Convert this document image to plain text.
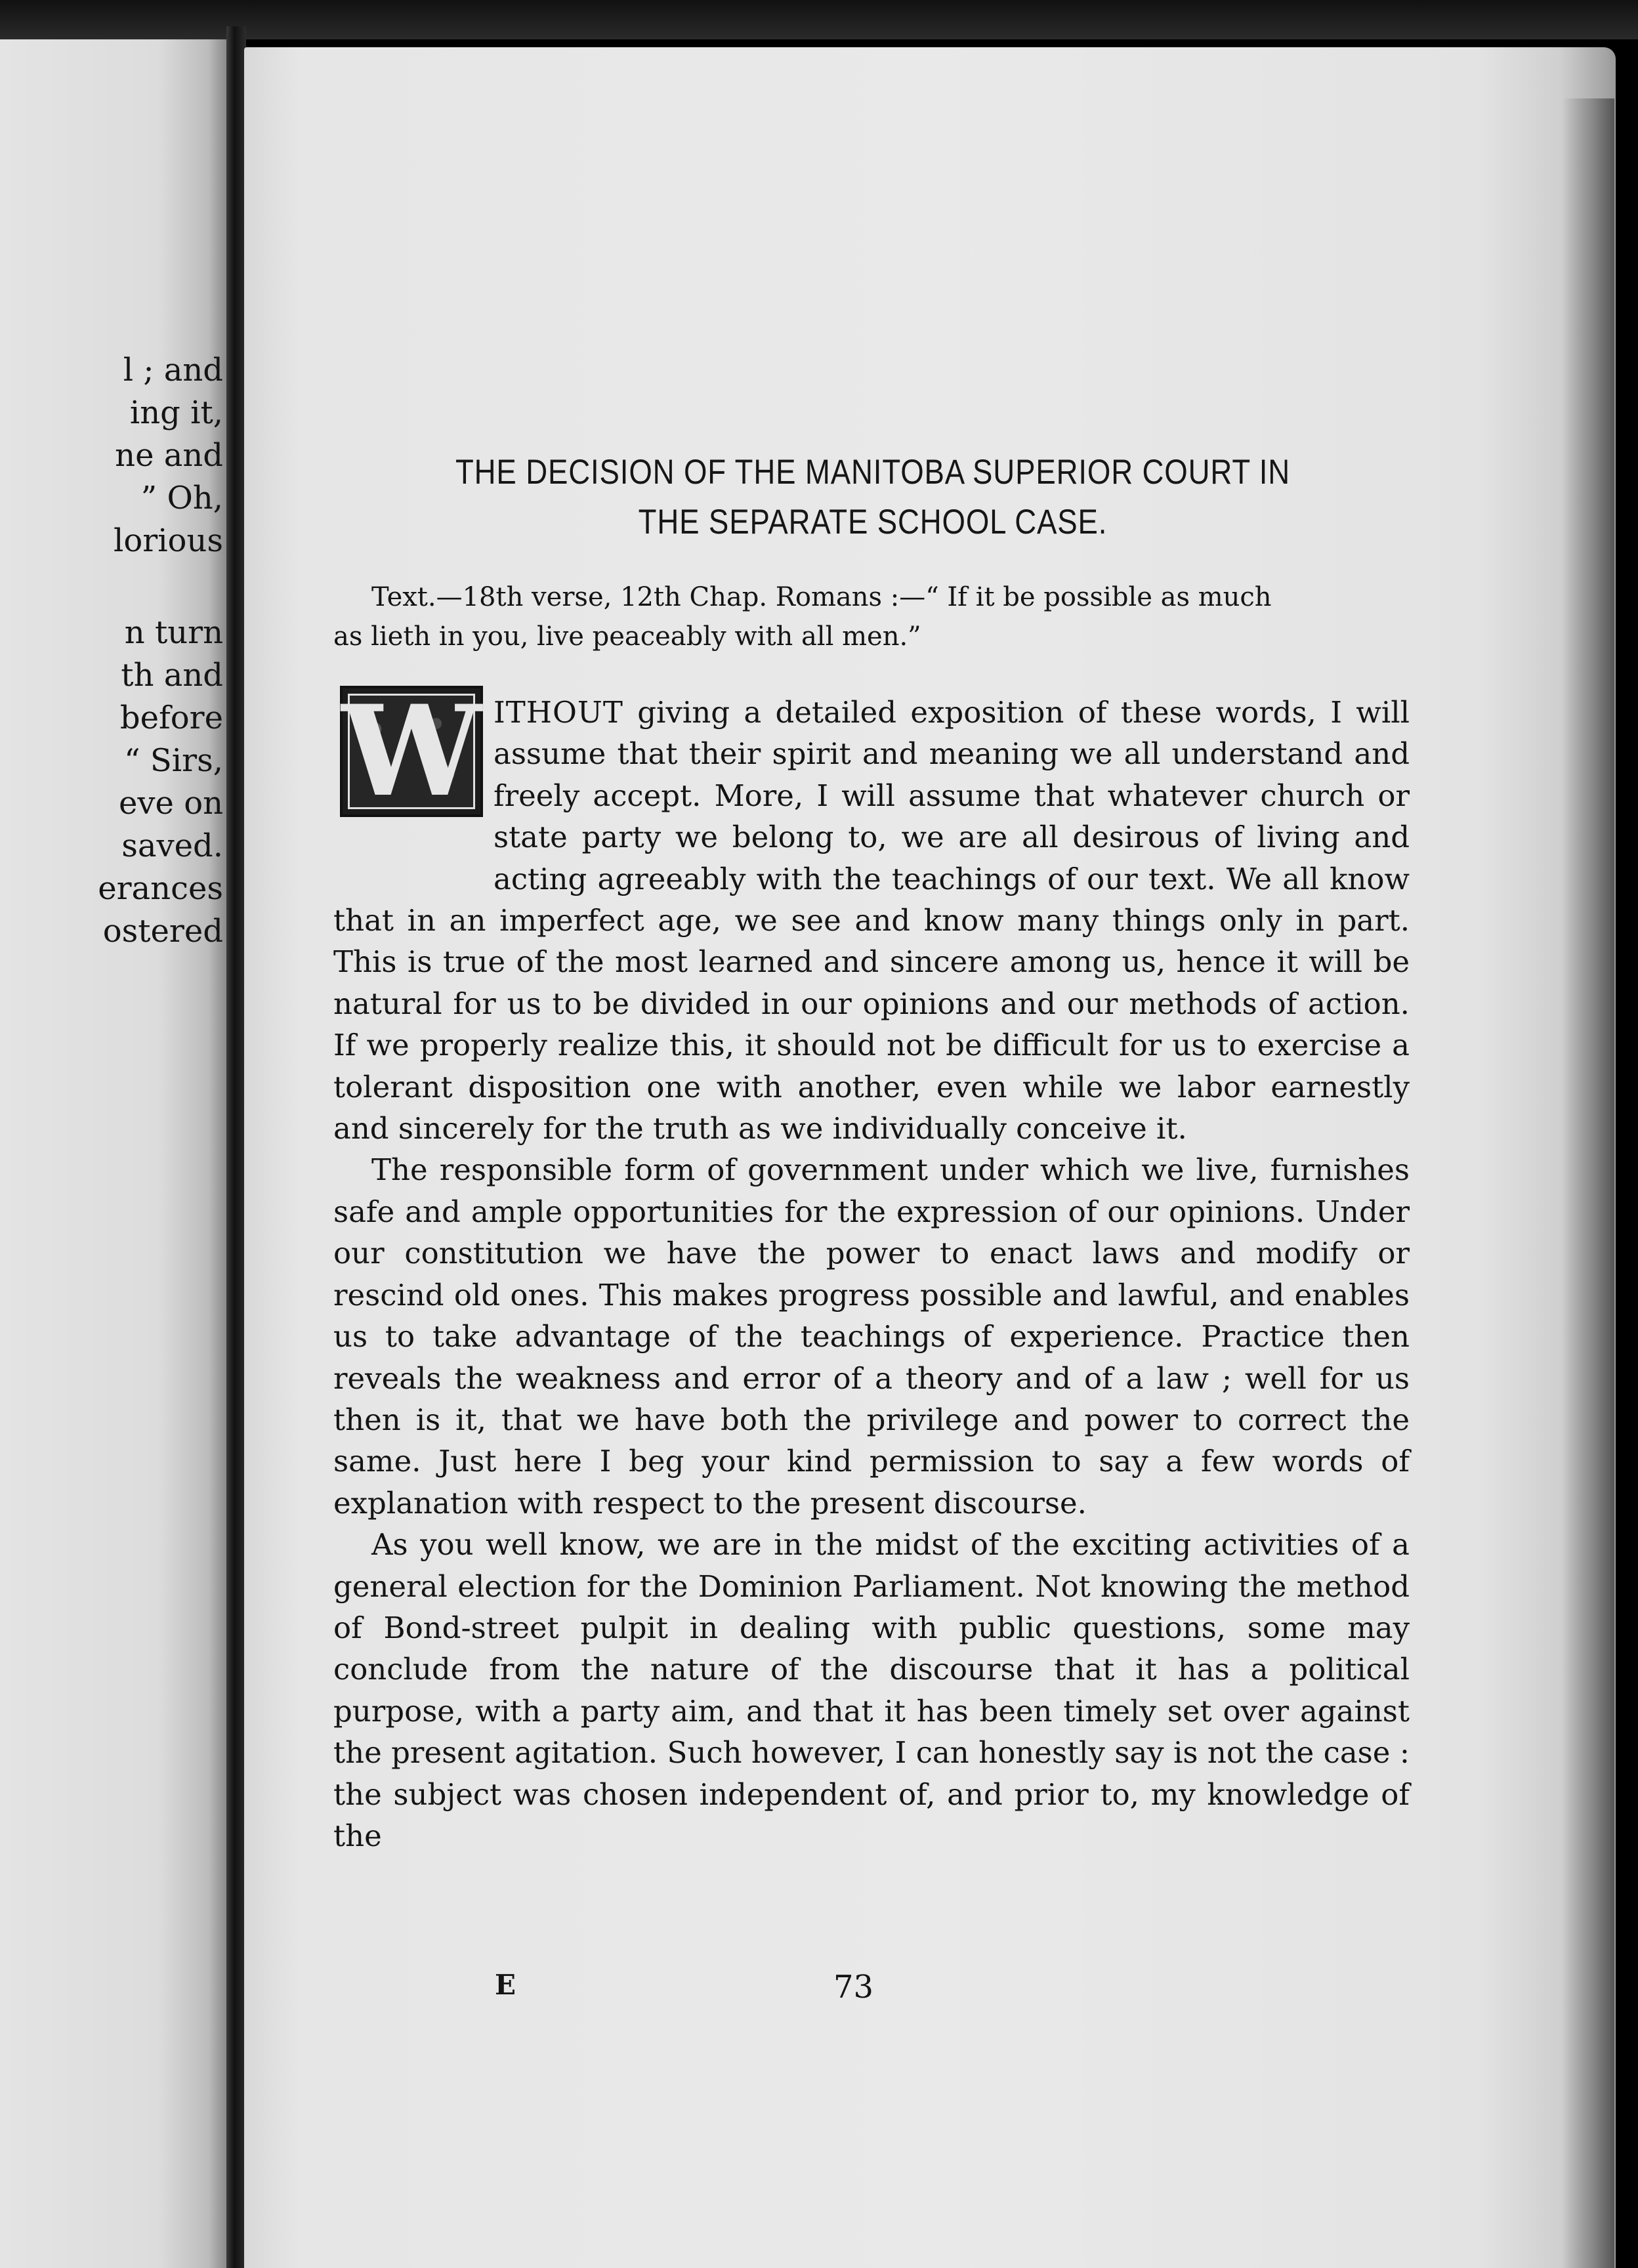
l ; and
ing it,
ne and
” Oh,
lorious
n turn
th and
before
“ Sirs,
eve on
saved.
erances
ostered
THE DECISION OF THE MANITOBA SUPERIOR COURT IN
THE SEPARATE SCHOOL CASE.
Text.—18th verse, 12th Chap. Romans :—“ If it be possible as much
as lieth in you, live peaceably with all men.”
W ITHOUT giving a detailed exposition of these words, I will assume that their spirit and meaning we all understand and freely accept. More, I will assume that whatever church or state party we belong to, we are all desirous of living and acting agreeably with the teachings of our text. We all know that in an imperfect age, we see and know many things only in part. This is true of the most learned and sincere among us, hence it will be natural for us to be divided in our opinions and our methods of action. If we properly realize this, it should not be difficult for us to exercise a tolerant disposition one with another, even while we labor earnestly and sincerely for the truth as we individually conceive it.

The responsible form of government under which we live, furnishes safe and ample opportunities for the expression of our opinions. Under our constitution we have the power to enact laws and modify or rescind old ones. This makes progress possible and lawful, and enables us to take advantage of the teachings of experience. Practice then reveals the weakness and error of a theory and of a law ; well for us then is it, that we have both the privilege and power to correct the same. Just here I beg your kind permission to say a few words of explanation with respect to the present discourse.

As you well know, we are in the midst of the exciting activities of a general election for the Dominion Parliament. Not knowing the method of Bond-street pulpit in dealing with public questions, some may conclude from the nature of the discourse that it has a political purpose, with a party aim, and that it has been timely set over against the present agitation. Such however, I can honestly say is not the case : the subject was chosen independent of, and prior to, my knowledge of the

E	73
